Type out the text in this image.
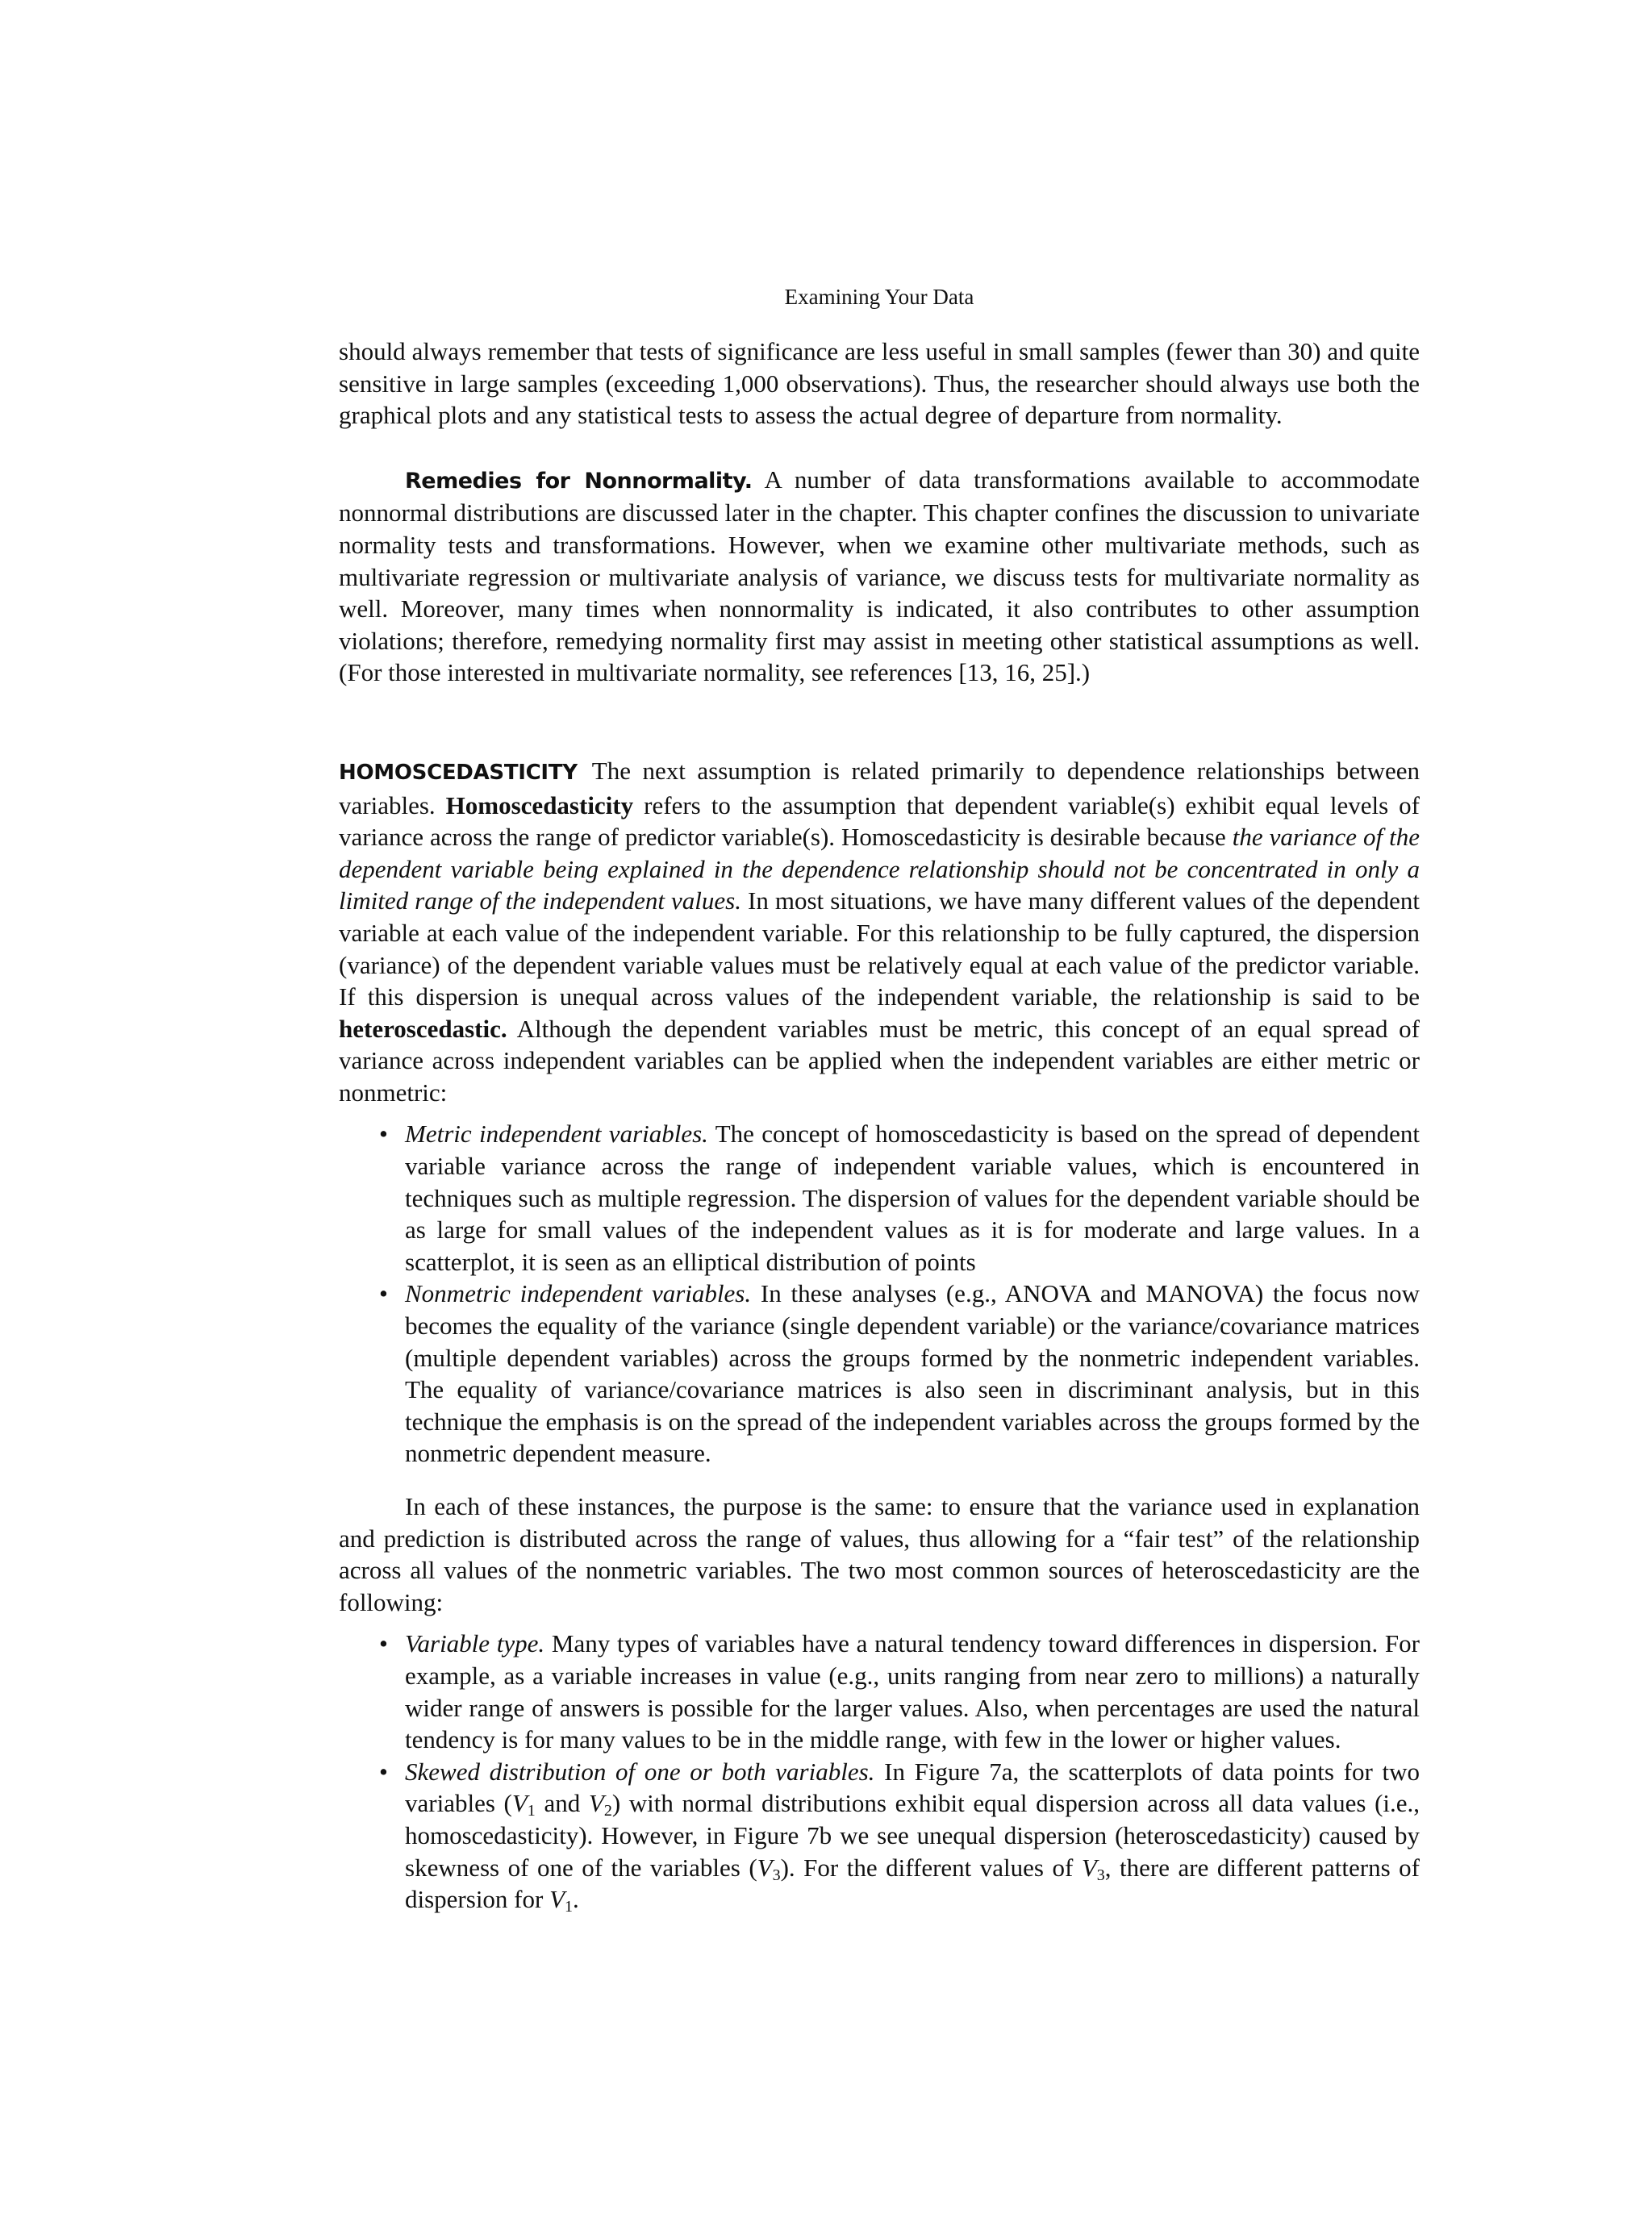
Examining Your Data

should always remember that tests of significance are less useful in small samples (fewer than 30) and quite sensitive in large samples (exceeding 1,000 observations). Thus, the researcher should always use both the graphical plots and any statistical tests to assess the actual degree of departure from normality.

Remedies for Nonnormality. A number of data transformations available to accommodate nonnormal distributions are discussed later in the chapter. This chapter confines the discussion to univariate normality tests and transformations. However, when we examine other multivariate methods, such as multivariate regression or multivariate analysis of variance, we discuss tests for multivariate normality as well. Moreover, many times when nonnormality is indicated, it also contributes to other assumption violations; therefore, remedying normality first may assist in meeting other statistical assumptions as well. (For those interested in multivariate normality, see references [13, 16, 25].)

HOMOSCEDASTICITY The next assumption is related primarily to dependence relationships between variables. Homoscedasticity refers to the assumption that dependent variable(s) exhibit equal levels of variance across the range of predictor variable(s). Homoscedasticity is desirable because the variance of the dependent variable being explained in the dependence relationship should not be concentrated in only a limited range of the independent values. In most situations, we have many different values of the dependent variable at each value of the independent variable. For this relationship to be fully captured, the dispersion (variance) of the dependent variable values must be relatively equal at each value of the predictor variable. If this dispersion is unequal across values of the independent variable, the relationship is said to be heteroscedastic. Although the dependent variables must be metric, this concept of an equal spread of variance across independent variables can be applied when the independent variables are either metric or nonmetric:

• Metric independent variables. The concept of homoscedasticity is based on the spread of dependent variable variance across the range of independent variable values, which is encountered in techniques such as multiple regression. The dispersion of values for the dependent variable should be as large for small values of the independent values as it is for moderate and large values. In a scatterplot, it is seen as an elliptical distribution of points
• Nonmetric independent variables. In these analyses (e.g., ANOVA and MANOVA) the focus now becomes the equality of the variance (single dependent variable) or the variance/covariance matrices (multiple dependent variables) across the groups formed by the nonmetric independent variables. The equality of variance/covariance matrices is also seen in discriminant analysis, but in this technique the emphasis is on the spread of the independent variables across the groups formed by the nonmetric dependent measure.

In each of these instances, the purpose is the same: to ensure that the variance used in explanation and prediction is distributed across the range of values, thus allowing for a “fair test” of the relationship across all values of the nonmetric variables. The two most common sources of heteroscedasticity are the following:

• Variable type. Many types of variables have a natural tendency toward differences in dispersion. For example, as a variable increases in value (e.g., units ranging from near zero to millions) a naturally wider range of answers is possible for the larger values. Also, when percentages are used the natural tendency is for many values to be in the middle range, with few in the lower or higher values.
• Skewed distribution of one or both variables. In Figure 7a, the scatterplots of data points for two variables ($V_1$ and $V_2$) with normal distributions exhibit equal dispersion across all data values (i.e., homoscedasticity). However, in Figure 7b we see unequal dispersion (heteroscedasticity) caused by skewness of one of the variables $(V_3)$. For the different values of $V_3$, there are different patterns of dispersion for $V_1$.
